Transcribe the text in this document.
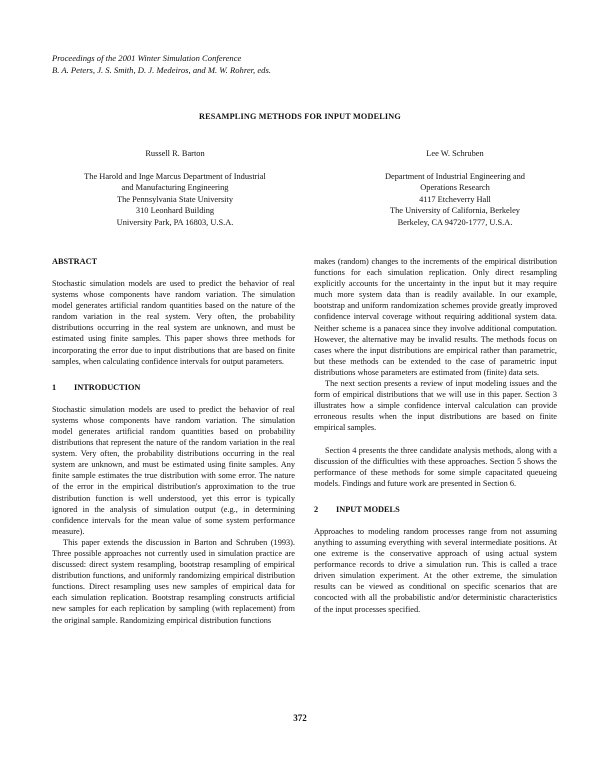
Proceedings of the 2001 Winter Simulation Conference
B. A. Peters, J. S. Smith, D. J. Medeiros, and M. W. Rohrer, eds.
RESAMPLING METHODS FOR INPUT MODELING
Russell R. Barton
The Harold and Inge Marcus Department of Industrial
and Manufacturing Engineering
The Pennsylvania State University
310 Leonhard Building
University Park, PA 16803, U.S.A.
Lee W. Schruben
Department of Industrial Engineering and
Operations Research
4117 Etcheverry Hall
The University of California, Berkeley
Berkeley, CA 94720-1777, U.S.A.
ABSTRACT

Stochastic simulation models are used to predict the behavior of real systems whose components have random variation. The simulation model generates artificial random quantities based on the nature of the random variation in the real system. Very often, the probability distributions occurring in the real system are unknown, and must be estimated using finite samples. This paper shows three methods for incorporating the error due to input distributions that are based on finite samples, when calculating confidence intervals for output parameters.

1 INTRODUCTION

Stochastic simulation models are used to predict the behavior of real systems whose components have random variation. The simulation model generates artificial random quantities based on probability distributions that represent the nature of the random variation in the real system. Very often, the probability distributions occurring in the real system are unknown, and must be estimated using finite samples. Any finite sample estimates the true distribution with some error. The nature of the error in the empirical distribution's approximation to the true distribution function is well understood, yet this error is typically ignored in the analysis of simulation output (e.g., in determining confidence intervals for the mean value of some system performance measure).

This paper extends the discussion in Barton and Schruben (1993). Three possible approaches not currently used in simulation practice are discussed: direct system resampling, bootstrap resampling of empirical distribution functions, and uniformly randomizing empirical distribution functions. Direct resampling uses new samples of empirical data for each simulation replication. Bootstrap resampling constructs artificial new samples for each replication by sampling (with replacement) from the original sample. Randomizing empirical distribution functions

makes (random) changes to the increments of the empirical distribution functions for each simulation replication. Only direct resampling explicitly accounts for the uncertainty in the input but it may require much more system data than is readily available. In our example, bootstrap and uniform randomization schemes provide greatly improved confidence interval coverage without requiring additional system data. Neither scheme is a panacea since they involve additional computation. However, the alternative may be invalid results. The methods focus on cases where the input distributions are empirical rather than parametric, but these methods can be extended to the case of parametric input distributions whose parameters are estimated from (finite) data sets.

The next section presents a review of input modeling issues and the form of empirical distributions that we will use in this paper. Section 3 illustrates how a simple confidence interval calculation can provide erroneous results when the input distributions are based on finite empirical samples.

Section 4 presents the three candidate analysis methods, along with a discussion of the difficulties with these approaches. Section 5 shows the performance of these methods for some simple capacitated queueing models. Findings and future work are presented in Section 6.

2 INPUT MODELS

Approaches to modeling random processes range from not assuming anything to assuming everything with several intermediate positions. At one extreme is the conservative approach of using actual system performance records to drive a simulation run. This is called a trace driven simulation experiment. At the other extreme, the simulation results can be viewed as conditional on specific scenarios that are concocted with all the probabilistic and/or deterministic characteristics of the input processes specified.

372
